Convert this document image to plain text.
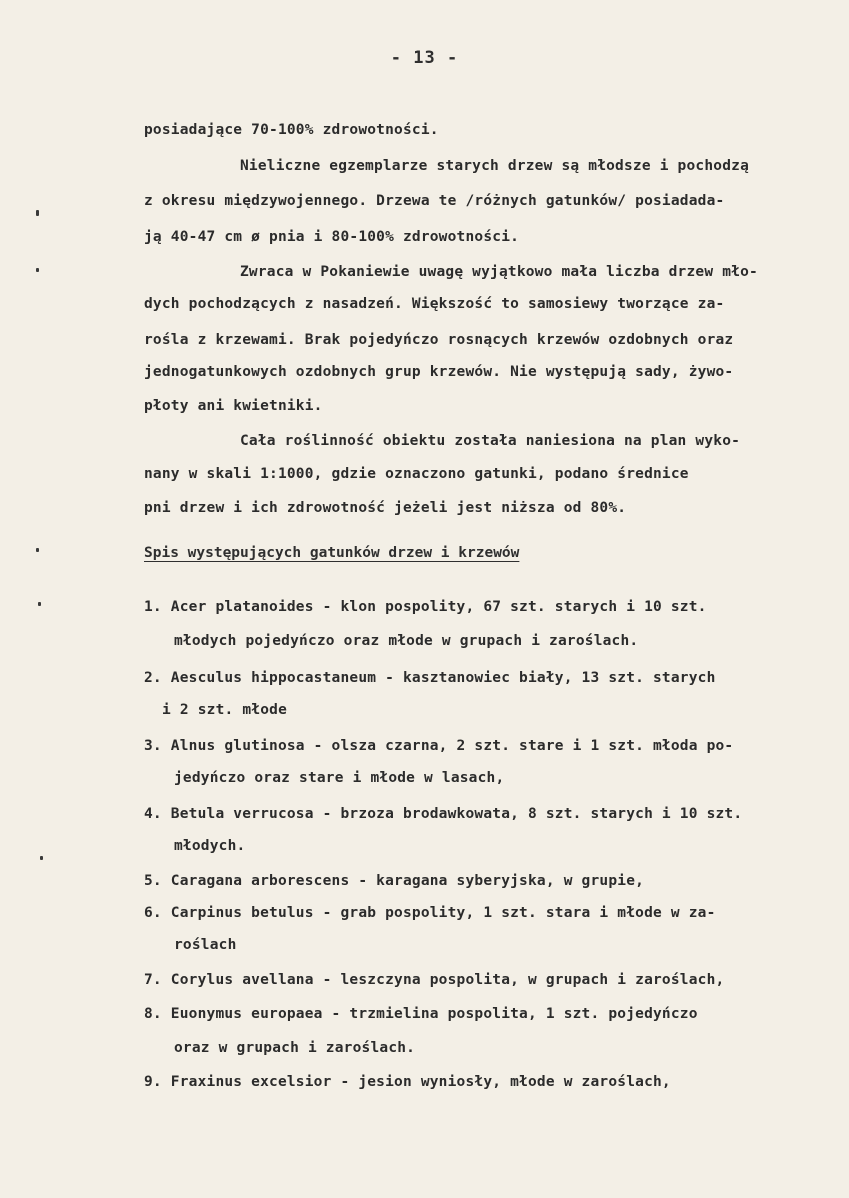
- 13 -
posiadające 70-100% zdrowotności.
Nieliczne egzemplarze starych drzew są młodsze i pochodzą
z okresu międzywojennego. Drzewa te /różnych gatunków/ posiadada-
ją 40-47 cm ø pnia i 80-100% zdrowotności.
Zwraca w Pokaniewie uwagę wyjątkowo mała liczba drzew mło-
dych pochodzących z nasadzeń. Większość to samosiewy tworzące za-
rośla z krzewami. Brak pojedyńczo rosnących krzewów ozdobnych oraz
jednogatunkowych ozdobnych grup krzewów. Nie występują sady, żywo-
płoty ani kwietniki.
Cała roślinność obiektu została naniesiona na plan wyko-
nany w skali 1:1000, gdzie oznaczono gatunki, podano średnice
pni drzew i ich zdrowotność jeżeli jest niższa od 80%.
Spis występujących gatunków drzew i krzewów
1. Acer platanoides - klon pospolity, 67 szt. starych i 10 szt.
młodych pojedyńczo oraz młode w grupach i zaroślach.
2. Aesculus hippocastaneum - kasztanowiec biały, 13 szt. starych
i 2 szt. młode
3. Alnus glutinosa - olsza czarna, 2 szt. stare i 1 szt. młoda po-
jedyńczo oraz stare i młode w lasach,
4. Betula verrucosa - brzoza brodawkowata, 8 szt. starych i 10 szt.
młodych.
5. Caragana arborescens - karagana syberyjska, w grupie,
6. Carpinus betulus - grab pospolity, 1 szt. stara i młode w za-
roślach
7. Corylus avellana - leszczyna pospolita, w grupach i zaroślach,
8. Euonymus europaea - trzmielina pospolita, 1 szt. pojedyńczo
oraz w grupach i zaroślach.
9. Fraxinus excelsior - jesion wyniosły, młode w zaroślach,
